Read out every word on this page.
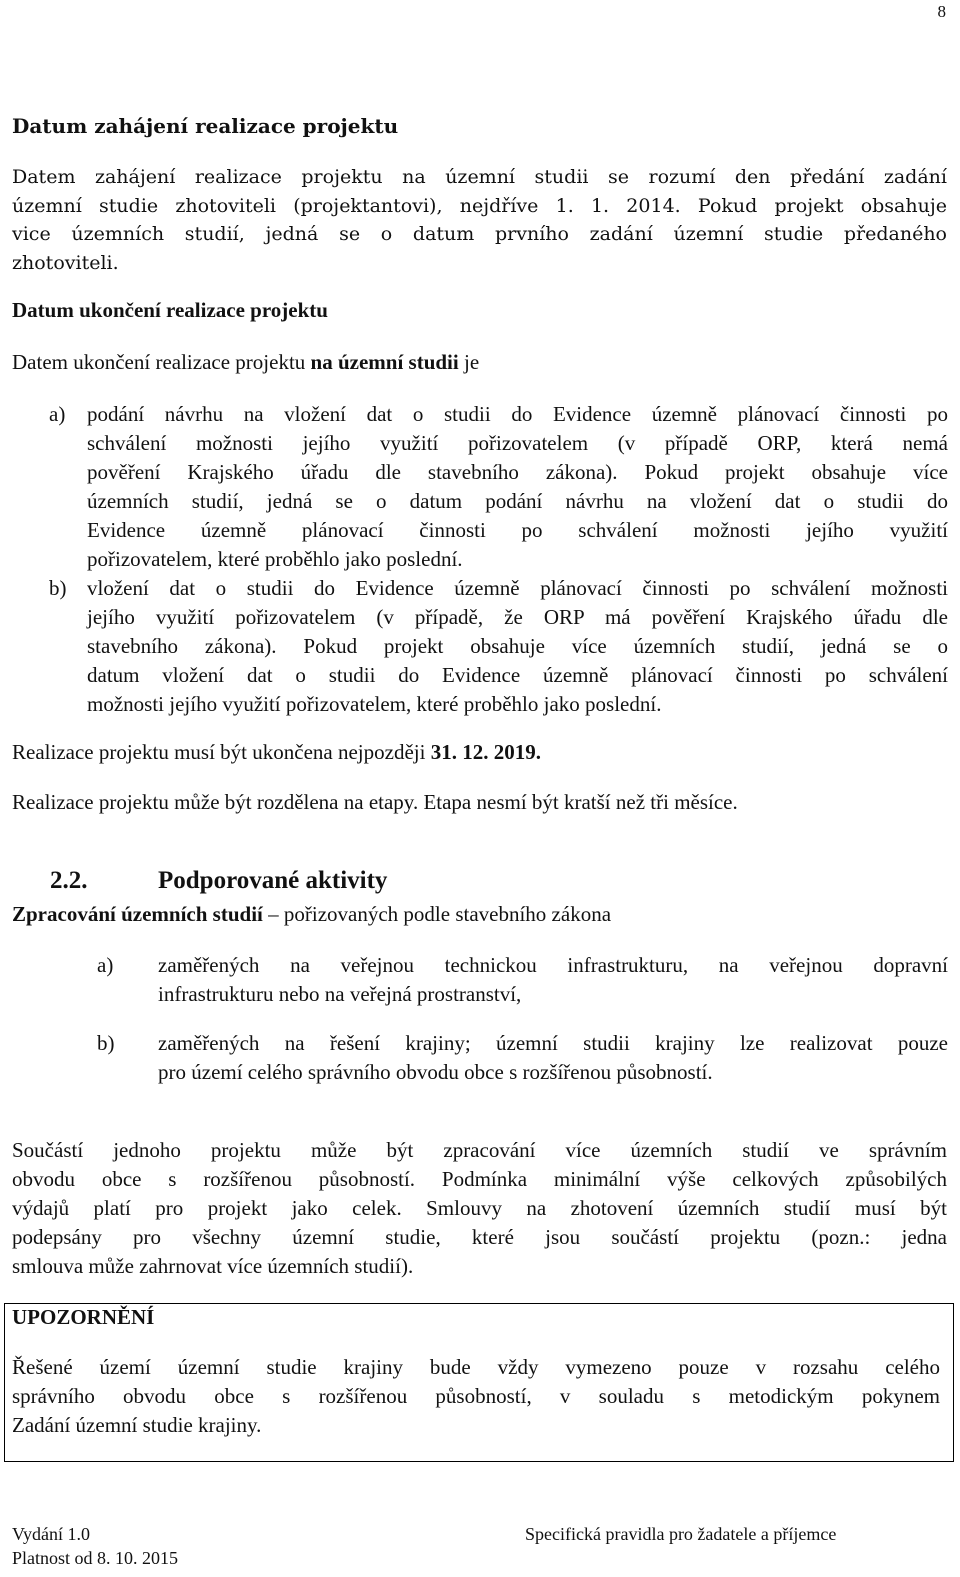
8
Datum zahájení realizace projektu
Datem zahájení realizace projektu na územní studii se rozumí den předání zadání
územní studie zhotoviteli (projektantovi), nejdříve 1. 1. 2014. Pokud projekt obsahuje
vice územních studií, jedná se o datum prvního zadání územní studie předaného
zhotoviteli.
Datum ukončení realizace projektu
Datem ukončení realizace projektu na územní studii je
a) podání návrhu na vložení dat o studii do Evidence územně plánovací činnosti po
schválení možnosti jejího využití pořizovatelem (v případě ORP, která nemá
pověření Krajského úřadu dle stavebního zákona). Pokud projekt obsahuje více
územních studií, jedná se o datum podání návrhu na vložení dat o studii do
Evidence územně plánovací činnosti po schválení možnosti jejího využití
pořizovatelem, které proběhlo jako poslední.
b) vložení dat o studii do Evidence územně plánovací činnosti po schválení možnosti
jejího využití pořizovatelem (v případě, že ORP má pověření Krajského úřadu dle
stavebního zákona). Pokud projekt obsahuje více územních studií, jedná se o
datum vložení dat o studii do Evidence územně plánovací činnosti po schválení
možnosti jejího využití pořizovatelem, které proběhlo jako poslední.
Realizace projektu musí být ukončena nejpozději 31. 12. 2019.
Realizace projektu může být rozdělena na etapy. Etapa nesmí být kratší než tři měsíce.
2.2.	Podporované aktivity
Zpracování územních studií – pořizovaných podle stavebního zákona
a) zaměřených na veřejnou technickou infrastrukturu, na veřejnou dopravní
infrastrukturu nebo na veřejná prostranství,
b) zaměřených na řešení krajiny; územní studii krajiny lze realizovat pouze
pro území celého správního obvodu obce s rozšířenou působností.
Součástí jednoho projektu může být zpracování více územních studií ve správním
obvodu obce s rozšířenou působností. Podmínka minimální výše celkových způsobilých
výdajů platí pro projekt jako celek. Smlouvy na zhotovení územních studií musí být
podepsány pro všechny územní studie, které jsou součástí projektu (pozn.: jedna
smlouva může zahrnovat více územních studií).
UPOZORNĚNÍ
Řešené území územní studie krajiny bude vždy vymezeno pouze v rozsahu celého
správního obvodu obce s rozšířenou působností, v souladu s metodickým pokynem
Zadání územní studie krajiny.
Vydání 1.0
Platnost od 8. 10. 2015
Specifická pravidla pro žadatele a příjemce
